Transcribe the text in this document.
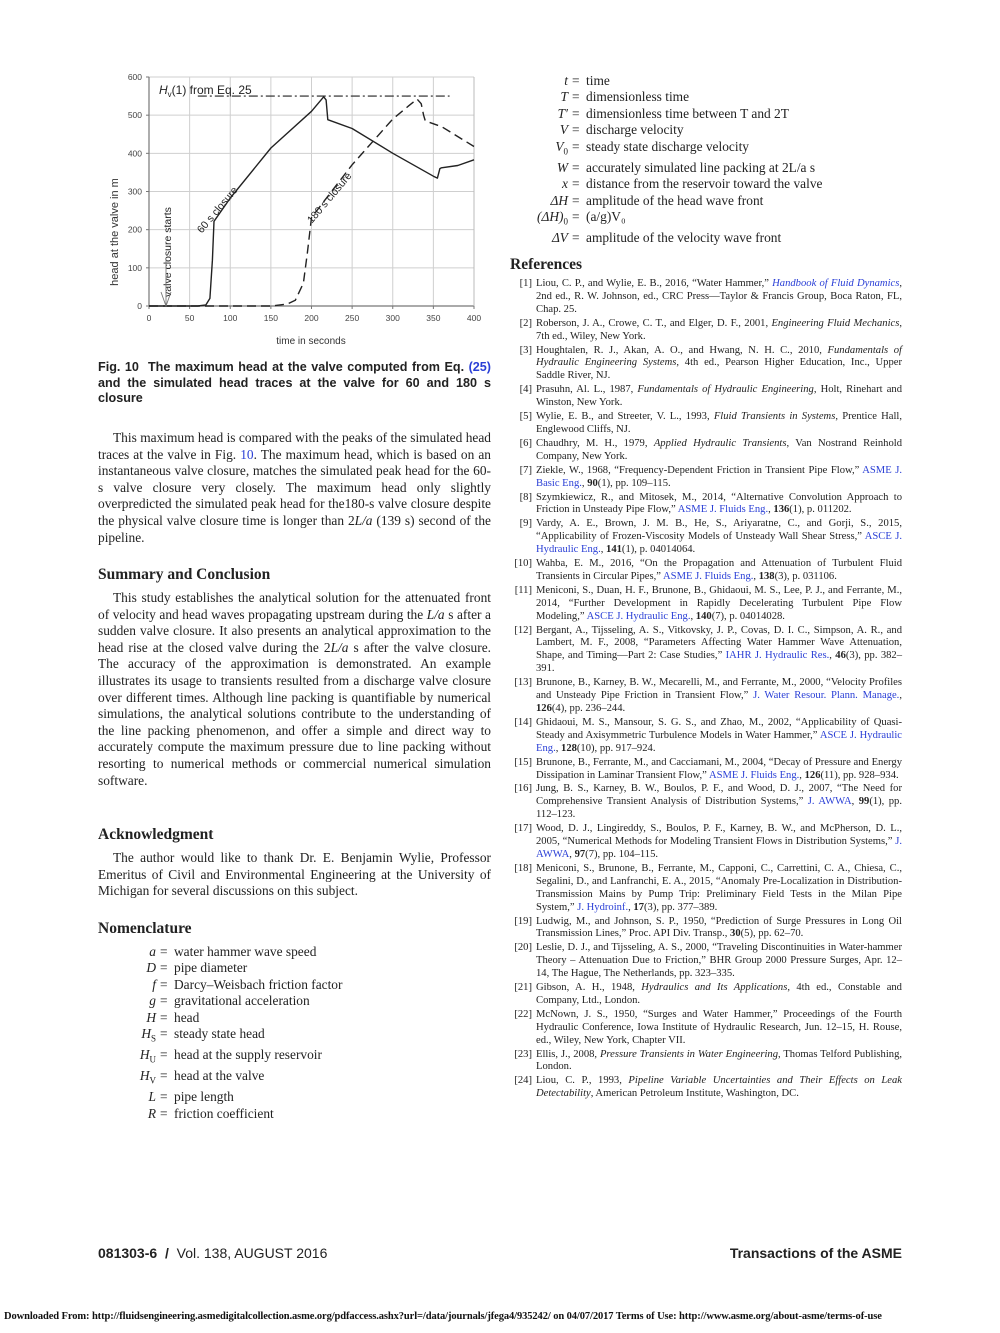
0	50	100	150	200	250	300	350	400
0
100
200
300
400
500
600
time in seconds
head at the valve in m
$H_v(1)$ from Eq. 25
valve closure starts 60 s closure	180 s closure
Fig. 10 The maximum head at the valve computed from Eq. (25) and the simulated head traces at the valve for 60 and 180 s closure

This maximum head is compared with the peaks of the simulated head traces at the valve in Fig. 10. The maximum head, which is based on an instantaneous valve closure, matches the simulated peak head for the 60-s valve closure very closely. The maximum head only slightly overpredicted the simulated peak head for the180-s valve closure despite the physical valve closure time is longer than 2L/a (139 s) second of the pipeline.

Summary and Conclusion

This study establishes the analytical solution for the attenuated front of velocity and head waves propagating upstream during the L/a s after a sudden valve closure. It also presents an analytical approximation to the head rise at the closed valve during the 2L/a s after the valve closure. The accuracy of the approximation is demonstrated. An example illustrates its usage to transients resulted from a discharge valve closure over different times. Although line packing is quantifiable by numerical simulations, the analytical solutions contribute to the understanding of the line packing phenomenon, and offer a simple and direct way to accurately compute the maximum pressure due to line packing without resorting to numerical methods or commercial numerical simulation software.

Acknowledgment

The author would like to thank Dr. E. Benjamin Wylie, Professor Emeritus of Civil and Environmental Engineering at the University of Michigan for several discussions on this subject.

Nomenclature
a = water hammer wave speed
D = pipe diameter
f = Darcy–Weisbach friction factor
g = gravitational acceleration
H = head
$H_S$ = steady state head
$H_U$ = head at the supply reservoir
$H_V$ = head at the valve
L = pipe length
R = friction coefficient
t = time
T = dimensionless time
T′ = dimensionless time between T and 2T
V = discharge velocity
$V_0$ = steady state discharge velocity
W = accurately simulated line packing at 2L/a s
x = distance from the reservoir toward the valve
ΔH = amplitude of the head wave front
$(\Delta H)_0 = (a/g)V_0$
ΔV = amplitude of the velocity wave front
References
[1] Liou, C. P., and Wylie, E. B., 2016, “Water Hammer,” Handbook of Fluid Dynamics, 2nd ed., R. W. Johnson, ed., CRC Press—Taylor & Francis Group, Boca Raton, FL, Chap. 25.
[2] Roberson, J. A., Crowe, C. T., and Elger, D. F., 2001, Engineering Fluid Mechanics, 7th ed., Wiley, New York.
[3] Houghtalen, R. J., Akan, A. O., and Hwang, N. H. C., 2010, Fundamentals of Hydraulic Engineering Systems, 4th ed., Pearson Higher Education, Inc., Upper Saddle River, NJ.
[4] Prasuhn, Al. L., 1987, Fundamentals of Hydraulic Engineering, Holt, Rinehart and Winston, New York.
[5] Wylie, E. B., and Streeter, V. L., 1993, Fluid Transients in Systems, Prentice Hall, Englewood Cliffs, NJ.
[6] Chaudhry, M. H., 1979, Applied Hydraulic Transients, Van Nostrand Reinhold Company, New York.
[7] Ziekle, W., 1968, “Frequency-Dependent Friction in Transient Pipe Flow,” ASME J. Basic Eng., 90(1), pp. 109–115.
[8] Szymkiewicz, R., and Mitosek, M., 2014, “Alternative Convolution Approach to Friction in Unsteady Pipe Flow,” ASME J. Fluids Eng., 136(1), p. 011202.
[9] Vardy, A. E., Brown, J. M. B., He, S., Ariyaratne, C., and Gorji, S., 2015, “Applicability of Frozen-Viscosity Models of Unsteady Wall Shear Stress,” ASCE J. Hydraulic Eng., 141(1), p. 04014064.
[10] Wahba, E. M., 2016, “On the Propagation and Attenuation of Turbulent Fluid Transients in Circular Pipes,” ASME J. Fluids Eng., 138(3), p. 031106.
[11] Meniconi, S., Duan, H. F., Brunone, B., Ghidaoui, M. S., Lee, P. J., and Ferrante, M., 2014, “Further Development in Rapidly Decelerating Turbulent Pipe Flow Modeling,” ASCE J. Hydraulic Eng., 140(7), p. 04014028.
[12] Bergant, A., Tijsseling, A. S., Vitkovsky, J. P., Covas, D. I. C., Simpson, A. R., and Lambert, M. F., 2008, “Parameters Affecting Water Hammer Wave Attenuation, Shape, and Timing—Part 2: Case Studies,” IAHR J. Hydraulic Res., 46(3), pp. 382–391.
[13] Brunone, B., Karney, B. W., Mecarelli, M., and Ferrante, M., 2000, “Velocity Profiles and Unsteady Pipe Friction in Transient Flow,” J. Water Resour. Plann. Manage., 126(4), pp. 236–244.
[14] Ghidaoui, M. S., Mansour, S. G. S., and Zhao, M., 2002, “Applicability of Quasi-Steady and Axisymmetric Turbulence Models in Water Hammer,” ASCE J. Hydraulic Eng., 128(10), pp. 917–924.
[15] Brunone, B., Ferrante, M., and Cacciamani, M., 2004, “Decay of Pressure and Energy Dissipation in Laminar Transient Flow,” ASME J. Fluids Eng., 126(11), pp. 928–934.
[16] Jung, B. S., Karney, B. W., Boulos, P. F., and Wood, D. J., 2007, “The Need for Comprehensive Transient Analysis of Distribution Systems,” J. AWWA, 99(1), pp. 112–123.
[17] Wood, D. J., Lingireddy, S., Boulos, P. F., Karney, B. W., and McPherson, D. L., 2005, “Numerical Methods for Modeling Transient Flows in Distribution Systems,” J. AWWA, 97(7), pp. 104–115.
[18] Meniconi, S., Brunone, B., Ferrante, M., Capponi, C., Carrettini, C. A., Chiesa, C., Segalini, D., and Lanfranchi, E. A., 2015, “Anomaly Pre-Localization in Distribution-Transmission Mains by Pump Trip: Preliminary Field Tests in the Milan Pipe System,” J. Hydroinf., 17(3), pp. 377–389.
[19] Ludwig, M., and Johnson, S. P., 1950, “Prediction of Surge Pressures in Long Oil Transmission Lines,” Proc. API Div. Transp., 30(5), pp. 62–70.
[20] Leslie, D. J., and Tijsseling, A. S., 2000, “Traveling Discontinuities in Water-hammer Theory – Attenuation Due to Friction,” BHR Group 2000 Pressure Surges, Apr. 12–14, The Hague, The Netherlands, pp. 323–335.
[21] Gibson, A. H., 1948, Hydraulics and Its Applications, 4th ed., Constable and Company, Ltd., London.
[22] McNown, J. S., 1950, “Surges and Water Hammer,” Proceedings of the Fourth Hydraulic Conference, Iowa Institute of Hydraulic Research, Jun. 12–15, H. Rouse, ed., Wiley, New York, Chapter VII.
[23] Ellis, J., 2008, Pressure Transients in Water Engineering, Thomas Telford Publishing, London.
[24] Liou, C. P., 1993, Pipeline Variable Uncertainties and Their Effects on Leak Detectability, American Petroleum Institute, Washington, DC.
081303-6 / Vol. 138, AUGUST 2016	Transactions of the ASME
Downloaded From: http://fluidsengineering.asmedigitalcollection.asme.org/pdfaccess.ashx?url=/data/journals/jfega4/935242/ on 04/07/2017 Terms of Use: http://www.asme.org/about-asme/terms-of-use
